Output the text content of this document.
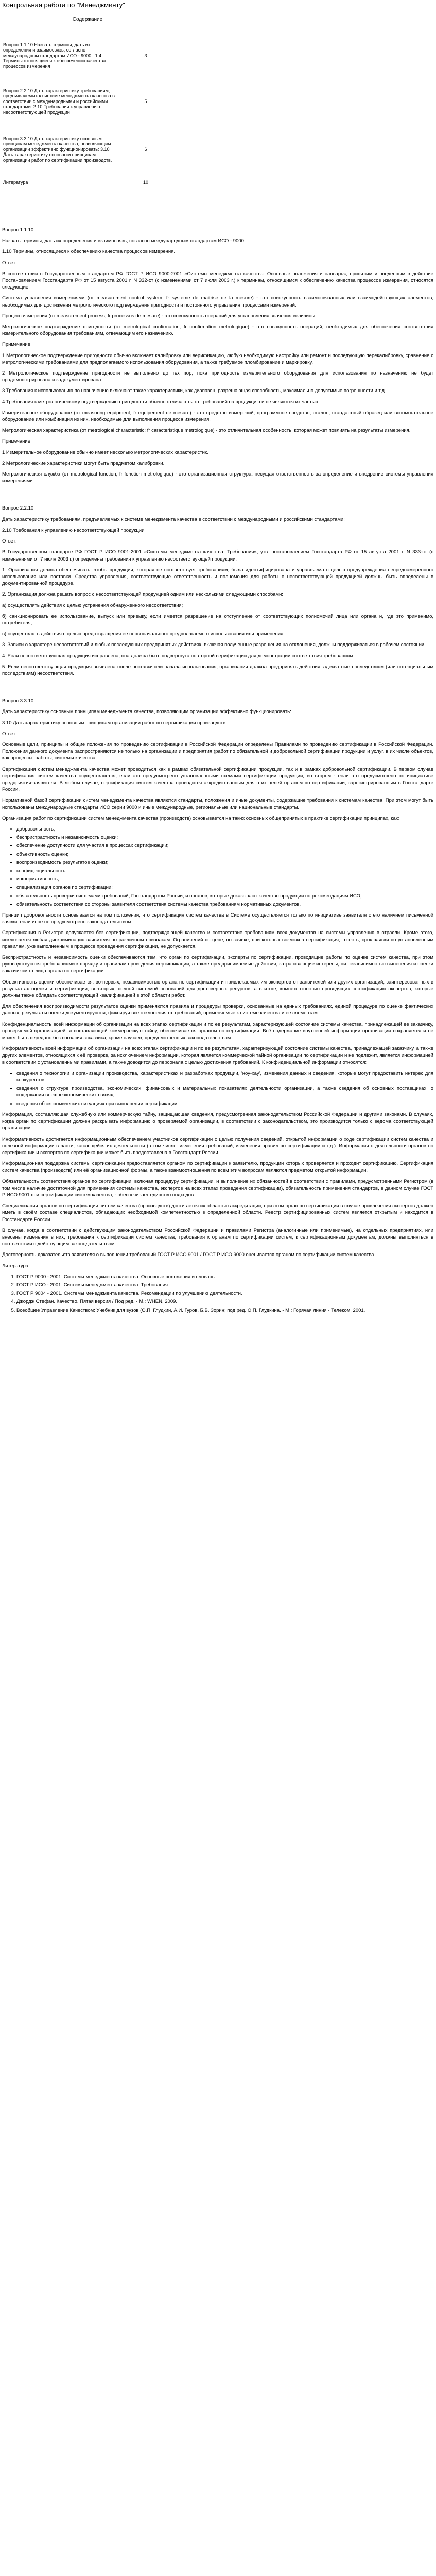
Контрольная работа по "Менеджменту"
Содержание
Вопрос 1.1.10 Назвать термины, дать их определения и взаимосвязь, согласно международным стандартам ИСО - 9000 . 1.4 Термины относящиеся к обеспечению качества процессов измерения	3
Вопрос 2.2.10 Дать характеристику требованиям, предъявляемых к системе менеджмента качества в соответствии с международными и российскими стандартами: 2.10 Требования к управлению несоответствующей продукции	5
Вопрос 3.3.10 Дать характеристику основным принципам менеджмента качества, позволяющим организации эффективно функционировать: 3.10 Дать характеристику основным принципам организации работ по сертификации производств.	6
Литература	10

Вопрос 1.1.10

Назвать термины, дать их определения и взаимосвязь, согласно международным стандартам ИСО - 9000

1.10 Термины, относящиеся к обеспечению качества процессов измерения.

Ответ:

В соответствии с Государственным стандартом РФ ГОСТ Р ИСО 9000-2001 «Системы менеджмента качества. Основные положения и словарь», принятым и введенным в действие Постановлением Госстандарта РФ от 15 августа 2001 г. N 332-ст (с изменениями от 7 июля 2003 г.) к терминам, относящимся к обеспечению качества процессов измерения, относятся следующие:

Система управления измерениями (от measurement control system; fr systeme de maitrise de la mesure) - это совокупность взаимосвязанных или взаимодействующих элементов, необходимых для достижения метрологического подтверждения пригодности и постоянного управления процессами измерений.

Процесс измерения (от measurement process; fr processus de mesure) - это совокупность операций для установления значения величины.

Метрологическое подтверждение пригодности (от metrological confirmation; fr confirmation metrologique) - это совокупность операций, необходимых для обеспечения соответствия измерительного оборудования требованиям, отвечающим его назначению.

Примечание

1 Метрологическое подтверждение пригодности обычно включает калибровку или верификацию, любую необходимую настройку или ремонт и последующую перекалибровку, сравнение с метрологическими требованиями для предполагаемого использования оборудования, а также требуемое пломбирование и маркировку.

2 Метрологическое подтверждение пригодности не выполнено до тех пор, пока пригодность измерительного оборудования для использования по назначению не будет продемонстрирована и задокументирована.

3 Требования к использованию по назначению включают такие характеристики, как диапазон, разрешающая способность, максимально допустимые погрешности и т.д.

4 Требования к метрологическому подтверждению пригодности обычно отличаются от требований на продукцию и не являются их частью.

Измерительное оборудование (от measuring equipment; fr equipement de mesure) - это средство измерений, программное средство, эталон, стандартный образец или вспомогательное оборудование или комбинация из них, необходимые для выполнения процесса измерения.

Метрологическая характеристика (от metrological characteristic; fr caracteristique metrologique) - это отличительная особенность, которая может повлиять на результаты измерения.

Примечание

1 Измерительное оборудование обычно имеет несколько метрологических характеристик.

2 Метрологические характеристики могут быть предметом калибровки.

Метрологическая служба (от metrological function; fr fonction metrologique) - это организационная структура, несущая ответственность за определение и внедрение системы управления измерениями.

Вопрос 2.2.10

Дать характеристику требованиям, предъявляемых к системе менеджмента качества в соответствии с международными и российскими стандартами:

2.10 Требования к управлению несоответствующей продукции

Ответ:

В Государственном стандарте РФ ГОСТ Р ИСО 9001-2001 «Системы менеджмента качества. Требования», утв. постановлением Госстандарта РФ от 15 августа 2001 г. N 333-ст (с изменениями от 7 июля 2003 г.) определены требования к управлению несоответствующей продукции:

1. Организация должна обеспечивать, чтобы продукция, которая не соответствует требованиям, была идентифицирована и управляема с целью предупреждения непреднамеренного использования или поставки. Средства управления, соответствующие ответственность и полномочия для работы с несоответствующей продукцией должны быть определены в документированной процедуре.

2. Организация должна решать вопрос с несоответствующей продукцией одним или несколькими следующими способами:

а) осуществлять действия с целью устранения обнаруженного несоответствия;

б) санкционировать ее использование, выпуск или приемку, если имеется разрешение на отступление от соответствующих полномочий лица или органа и, где это применимо, потребителя;

в) осуществлять действия с целью предотвращения ее первоначального предполагаемого использования или применения.

3. Записи о характере несоответствий и любых последующих предпринятых действиях, включая полученные разрешения на отклонения, должны поддерживаться в рабочем состоянии.

4. Если несоответствующая продукция исправлена, она должна быть подвергнута повторной верификации для демонстрации соответствия требованиям.

5. Если несоответствующая продукция выявлена после поставки или начала использования, организация должна предпринять действия, адекватные последствиям (или потенциальным последствиям) несоответствия.

Вопрос 3.3.10

Дать характеристику основным принципам менеджмента качества, позволяющим организации эффективно функционировать:

3.10 Дать характеристику основным принципам организации работ по сертификации производств.

Ответ:

Основные цели, принципы и общие положения по проведению сертификации в Российской Федерации определены Правилами по проведению сертификации в Российской Федерации. Положения данного документа распространяются не только на организации и предприятия (работ по обязательной и добровольной сертификации продукции и услуг, в их числе объектов, как процессы, работы, системы качества.

Сертификация систем менеджмента качества может проводиться как в рамках обязательной сертификации продукции, так и в рамках добровольной сертификации. В первом случае сертификация систем качества осуществляется, если это предусмотрено установленными схемами сертификации продукции, во втором - если это предусмотрено по инициативе предприятия-заявителя. В любом случае, сертификация систем качества проводится аккредитованным для этих целей органом по сертификации, зарегистрированным в Госстандарте России.

Нормативной базой сертификации систем менеджмента качества являются стандарты, положения и иные документы, содержащие требования к системам качества. При этом могут быть использованы международные стандарты ИСО серии 9000 и иные международные, региональные или национальные стандарты.

Организация работ по сертификации систем менеджмента качества (производств) основывается на таких основных общепринятых в практике сертификации принципах, как:

• добровольность;
• беспристрастность и независимость оценки;
• обеспечение доступности для участия в процессах сертификации;
• объективность оценки;
• воспроизводимость результатов оценки;
• конфиденциальность;
• информативность;
• специализация органов по сертификации;
• обязательность проверки системами требований, Госстандартом России, и органов, которые доказывают качество продукции по рекомендациям ИСО;
• обязательность соответствия со стороны заявителя соответствия системы качества требованиям нормативных документов.

Принцип добровольности основывается на том положении, что сертификация систем качества в Системе осуществляется только по инициативе заявителя с его наличием письменной заявки, если иное не предусмотрено законодательством.

Сертификация в Регистре допускается без сертификации, подтверждающей качество и соответствие требованиям всех документов на системы управления в отрасли. Кроме этого, исключается любая дискриминация заявителя по различным признакам. Ограничений по цене, по заявке, при которых возможна сертификация, то есть, срок заявки по установленным правилам, уже выполненным в процессе проведения сертификации, не допускается.

Беспристрастность и независимость оценки обеспечиваются тем, что орган по сертификации, эксперты по сертификации, проводящие работы по оценке систем качества, при этом руководствуются требованиями к порядку и правилам проведения сертификации, а также предпринимаемые действия, затрагивающие интересы, ни независимостью вынесения и оценки заказчиком от лица органа по сертификации.

Объективность оценки обеспечивается, во-первых, независимостью органа по сертификации и привлекаемых им экспертов от заявителей или других организаций, заинтересованных в результатах оценки и сертификации; во-вторых, полной системой оснований для достоверных ресурсов, а в итоге, компетентностью проводящих сертификацию экспертов, которые должны также обладать соответствующей квалификацией в этой области работ.

Для обеспечения воспроизводимости результатов оценки применяются правила и процедуры проверки, основанные на единых требованиях, единой процедуре по оценке фактических данных, результаты оценки документируются, фиксируя все отклонения от требований, применяемые к системе качества и ее элементам.

Конфиденциальность всей информации об организации на всех этапах сертификации и по ее результатам, характеризующей состояние системы качества, принадлежащей ее заказчику, проверяемой организацией, и составляющей коммерческую тайну, обеспечивается органом по сертификации. Всё содержание внутренней информации организации сохраняется и не может быть передано без согласия заказчика, кроме случаев, предусмотренных законодательством:

Информативность всей информации об организации на всех этапах сертификации и по ее результатам, характеризующей состояние системы качества, принадлежащей заказчику, а также других элементов, относящихся к её проверке, за исключением информации, которая является коммерческой тайной организации по сертификации и не подлежит, является информацией в соответствии с установленными правилами, а также доводится до персонала с целью достижения требований. К конфиденциальной информации относятся:

• сведения о технологии и организации производства, характеристиках и разработках продукции, 'ноу-хау', изменения данных и сведения, которые могут предоставить интерес для конкурентов;
• сведения о структуре производства, экономических, финансовых и материальных показателях деятельности организации, а также сведения об основных поставщиках, о содержании внешнеэкономических связях;
• сведения об экономических ситуациях при выполнении сертификации.

Информация, составляющая служебную или коммерческую тайну, защищающая сведения, предусмотренная законодательством Российской Федерации и другими законами. В случаях, когда орган по сертификации должен раскрывать информацию о проверяемой организации, в соответствии с законодательством, это производится только с ведома соответствующей организации.

Информативность достигается информационным обеспечением участников сертификации с целью получения сведений, открытой информации о ходе сертификации систем качества и полезной информации в части, касающейся их деятельности (в том числе: изменения требований, изменения правил по сертификации и т.д.). Информация о деятельности органов по сертификации и экспертов по сертификации может быть предоставлена в Госстандарт России.

Информационная поддержка системы сертификации предоставляется органом по сертификации к заявителю, продукции которых проверяется и проходит сертификацию. Сертификация систем качества (производств) или её организационной формы, а также взаимоотношения по всем этим вопросам являются предметом открытой информации.

Обязательность соответствия органов по сертификации, включая процедуру сертификации, и выполнение их обязанностей в соответствии с правилами, предусмотренными Регистром (в том числе наличие достаточной для применения системы качества, экспертов на всех этапах проведения сертификации), обязательность применения стандартов, в данном случае ГОСТ Р ИСО 9001 при сертификации систем качества, - обеспечивает единство подходов.

Специализация органов по сертификации систем качества (производств) достигается их областью аккредитации, при этом орган по сертификации в случае привлечения экспертов должен иметь в своём составе специалистов, обладающих необходимой компетентностью в определенной области. Реестр сертифицированных систем является открытым и находится в Госстандарте России.

В случае, когда в соответствии с действующим законодательством Российской Федерации и правилами Регистра (аналогичные или применимые), на отдельных предприятиях, или внесены изменения в них, требования к сертификации систем качества, требования к органам по сертификации систем, к сертификационным документам, должны выполняться в соответствии с действующим законодательством.

Достоверность доказательств заявителя о выполнении требований ГОСТ Р ИСО 9001 / ГОСТ Р ИСО 9000 оценивается органом по сертификации систем качества.

Литература

1. ГОСТ Р 9000 - 2001. Системы менеджмента качества. Основные положения и словарь.
2. ГОСТ Р ИСО - 2001. Системы менеджмента качества. Требования.
3. ГОСТ Р 9004 - 2001. Системы менеджмента качества. Рекомендации по улучшению деятельности.
4. Джордж Стефан. Качество. Пятая версия / Под ред. - М.: WHEN, 2009.
5. Всеобщее Управление Качеством: Учебник для вузов (О.П. Глудкин, А.И. Гуров, Б.В. Зорин; под ред. О.П. Глудкина. - М.: Горячая линия - Телеком, 2001.
